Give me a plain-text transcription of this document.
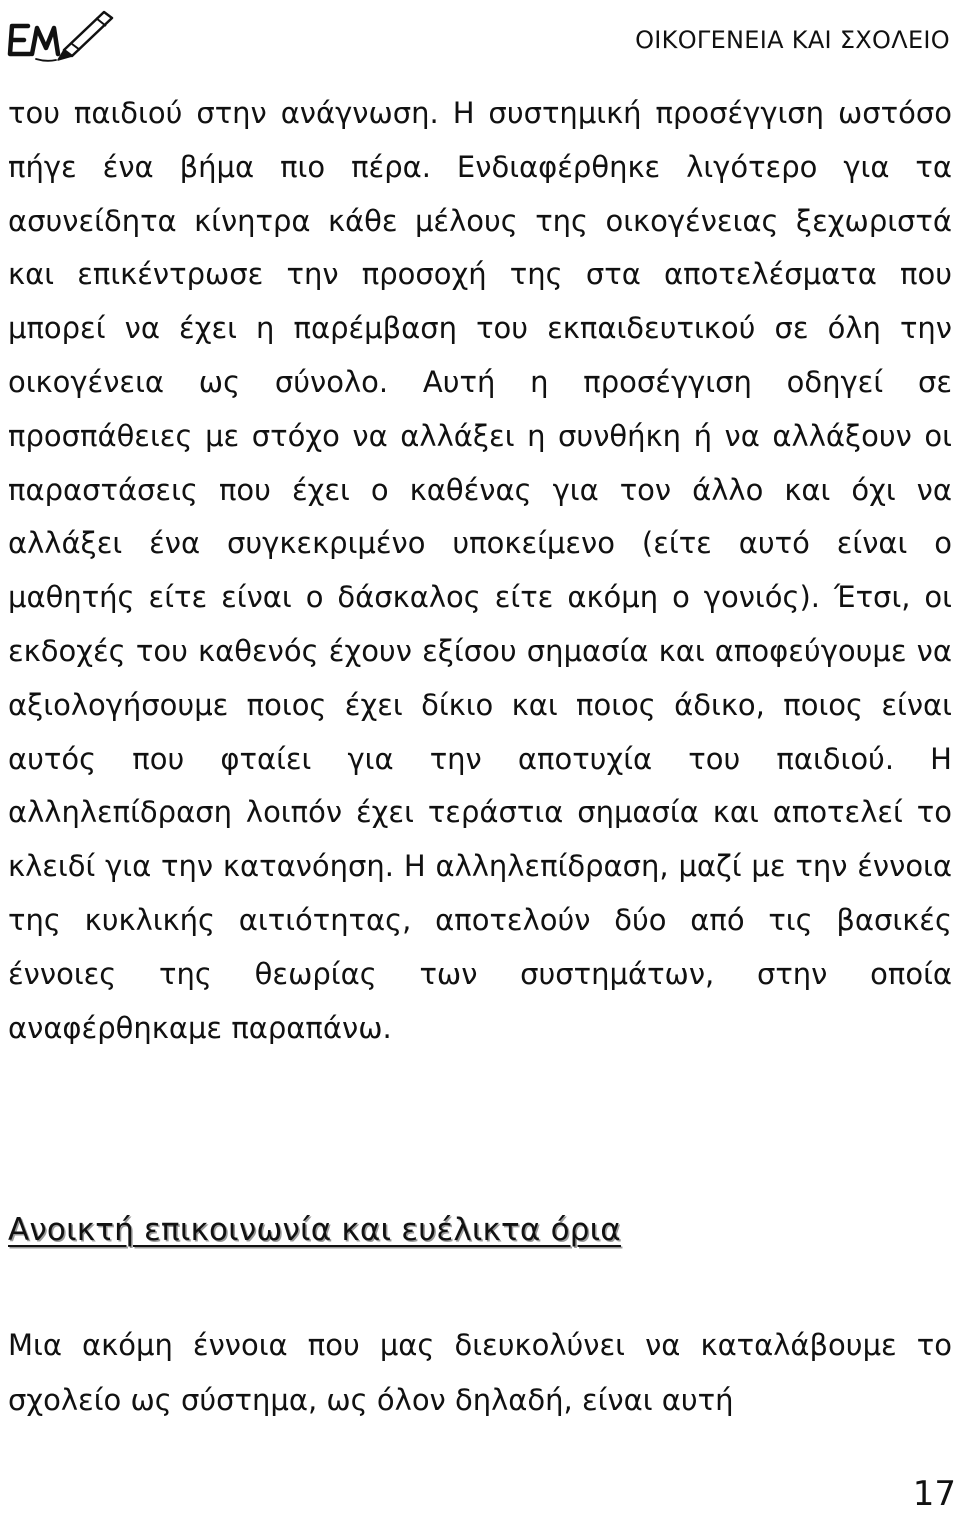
ΟΙΚΟΓΕΝΕΙΑ ΚΑΙ ΣΧΟΛΕΙΟ

του παιδιού στην ανάγνωση. Η συστημική προσέγγιση ωστόσο πήγε ένα βήμα πιο πέρα. Ενδιαφέρθηκε λιγότερο για τα ασυνείδητα κίνητρα κάθε μέλους της οικογένειας ξεχωριστά και επικέντρωσε την προσοχή της στα αποτελέσματα που μπορεί να έχει η παρέμβαση του εκπαιδευτικού σε όλη την οικογένεια ως σύνολο. Αυτή η προσέγγιση οδηγεί σε προσπάθειες με στόχο να αλλάξει η συνθήκη ή να αλλάξουν οι παραστάσεις που έχει ο καθένας για τον άλλο και όχι να αλλάξει ένα συγκεκριμένο υποκείμενο (είτε αυτό είναι ο μαθητής είτε είναι ο δάσκαλος είτε ακόμη ο γονιός). Έτσι, οι εκδοχές του καθενός έχουν εξίσου σημασία και αποφεύγουμε να αξιολογήσουμε ποιος έχει δίκιο και ποιος άδικο, ποιος είναι αυτός που φταίει για την αποτυχία του παιδιού. Η αλληλεπίδραση λοιπόν έχει τεράστια σημασία και αποτελεί το κλειδί για την κατανόηση. Η αλληλεπίδραση, μαζί με την έννοια της κυκλικής αιτιότητας, αποτελούν δύο από τις βασικές έννοιες της θεωρίας των συστημάτων, στην οποία αναφέρθηκαμε παραπάνω.

Ανοικτή επικοινωνία και ευέλικτα όρια

Μια ακόμη έννοια που μας διευκολύνει να καταλάβουμε το σχολείο ως σύστημα, ως όλον δηλαδή, είναι αυτή

17
